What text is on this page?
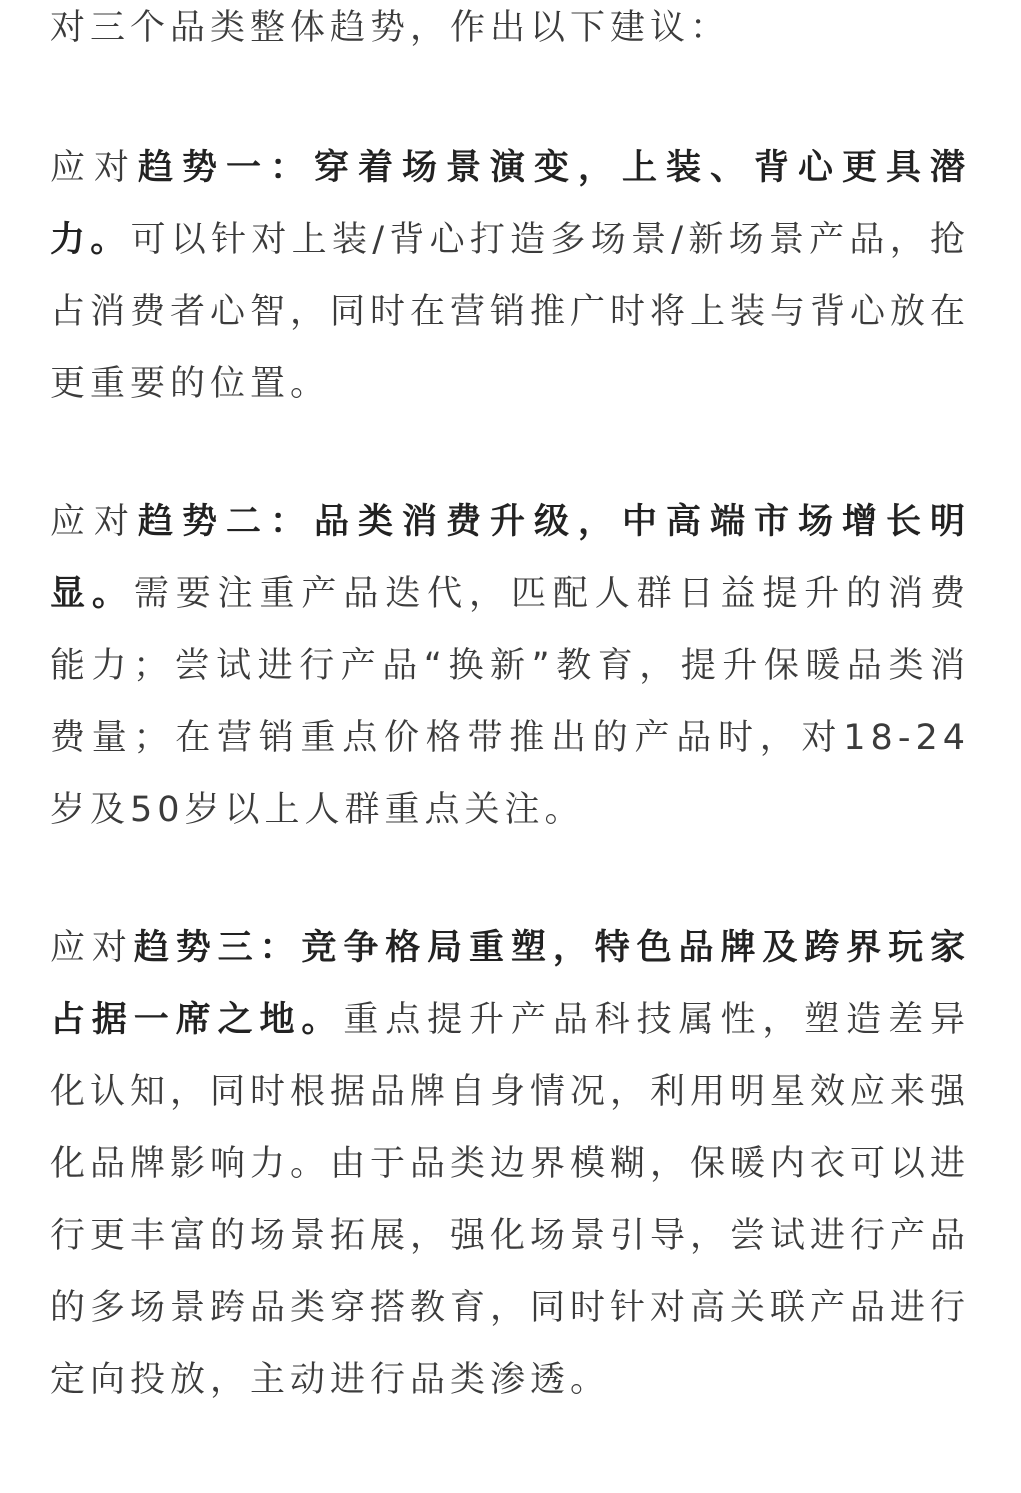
对三个品类整体趋势，作出以下建议：

应对趋势一：穿着场景演变，上装、背心更具潜力。可以针对上装/背心打造多场景/新场景产品，抢占消费者心智，同时在营销推广时将上装与背心放在更重要的位置。

应对趋势二：品类消费升级，中高端市场增长明显。需要注重产品迭代，匹配人群日益提升的消费能力；尝试进行产品“换新”教育，提升保暖品类消费量；在营销重点价格带推出的产品时，对18-24岁及50岁以上人群重点关注。

应对趋势三：竞争格局重塑，特色品牌及跨界玩家占据一席之地。重点提升产品科技属性，塑造差异化认知，同时根据品牌自身情况，利用明星效应来强化品牌影响力。由于品类边界模糊，保暖内衣可以进行更丰富的场景拓展，强化场景引导，尝试进行产品的多场景跨品类穿搭教育，同时针对高关联产品进行定向投放，主动进行品类渗透。
